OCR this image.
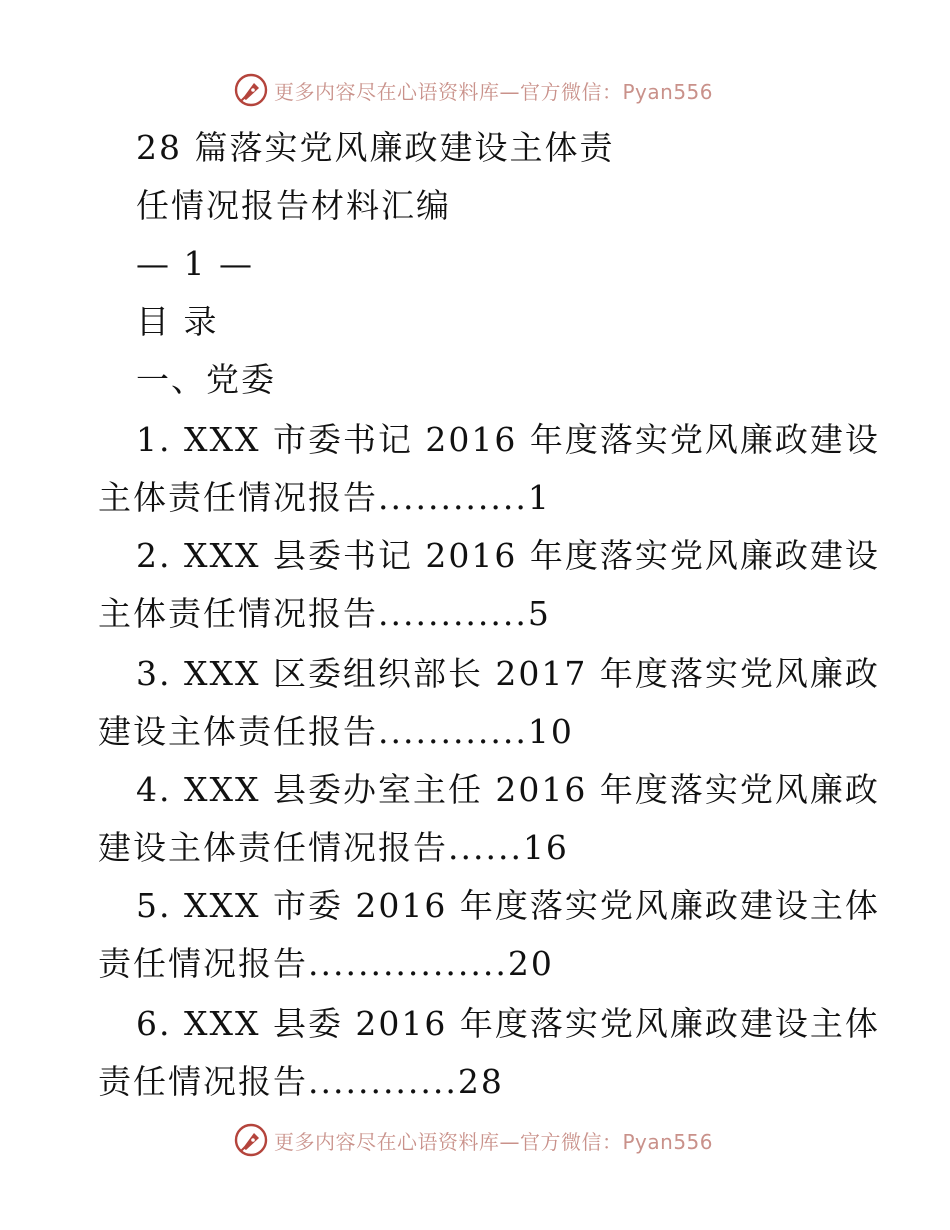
更多内容尽在心语资料库—官方微信：Pyan556
28 篇落实党风廉政建设主体责
任情况报告材料汇编
— 1 —
目 录
一、党委
1. XXX 市委书记 2016 年度落实党风廉政建设
主体责任情况报告............1
2. XXX 县委书记 2016 年度落实党风廉政建设
主体责任情况报告............5
3. XXX 区委组织部长 2017 年度落实党风廉政
建设主体责任报告............10
4. XXX 县委办室主任 2016 年度落实党风廉政
建设主体责任情况报告......16
5. XXX 市委 2016 年度落实党风廉政建设主体
责任情况报告................20
6. XXX 县委 2016 年度落实党风廉政建设主体
责任情况报告............28
更多内容尽在心语资料库—官方微信：Pyan556
